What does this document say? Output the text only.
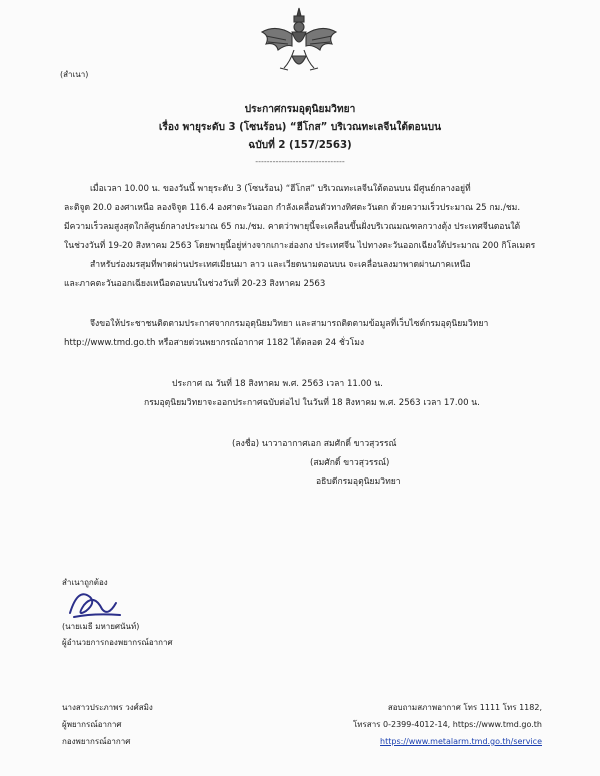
(สำเนา)
ประกาศกรมอุตุนิยมวิทยา
เรื่อง พายุระดับ 3 (โซนร้อน) “ฮีโกส” บริเวณทะเลจีนใต้ตอนบน
ฉบับที่ 2 (157/2563)
-------------------------------
เมื่อเวลา 10.00 น. ของวันนี้ พายุระดับ 3 (โซนร้อน) “ฮีโกส” บริเวณทะเลจีนใต้ตอนบน มีศูนย์กลางอยู่ที่
ละติจูด 20.0 องศาเหนือ ลองจิจูด 116.4 องศาตะวันออก กำลังเคลื่อนตัวทางทิศตะวันตก ด้วยความเร็วประมาณ 25 กม./ชม.
มีความเร็วลมสูงสุดใกล้ศูนย์กลางประมาณ 65 กม./ชม. คาดว่าพายุนี้จะเคลื่อนขึ้นฝั่งบริเวณมณฑลกวางตุ้ง ประเทศจีนตอนใต้
ในช่วงวันที่ 19-20 สิงหาคม 2563 โดยพายุนี้อยู่ห่างจากเกาะฮ่องกง ประเทศจีน ไปทางตะวันออกเฉียงใต้ประมาณ 200 กิโลเมตร
สำหรับร่องมรสุมที่พาดผ่านประเทศเมียนมา ลาว และเวียดนามตอนบน จะเคลื่อนลงมาพาดผ่านภาคเหนือ
และภาคตะวันออกเฉียงเหนือตอนบนในช่วงวันที่ 20-23 สิงหาคม 2563
จึงขอให้ประชาชนติดตามประกาศจากกรมอุตุนิยมวิทยา และสามารถติดตามข้อมูลที่เว็บไซต์กรมอุตุนิยมวิทยา
http://www.tmd.go.th หรือสายด่วนพยากรณ์อากาศ 1182 ได้ตลอด 24 ชั่วโมง
ประกาศ ณ วันที่ 18 สิงหาคม พ.ศ. 2563 เวลา 11.00 น.
กรมอุตุนิยมวิทยาจะออกประกาศฉบับต่อไป ในวันที่ 18 สิงหาคม พ.ศ. 2563 เวลา 17.00 น.
(ลงชื่อ) นาวาอากาศเอก สมศักดิ์ ขาวสุวรรณ์
(สมศักดิ์ ขาวสุวรรณ์)
อธิบดีกรมอุตุนิยมวิทยา
สำเนาถูกต้อง
(นายเมธี มหายศนันท์)
ผู้อำนวยการกองพยากรณ์อากาศ
นางสาวประภาพร วงศ์สมิง
ผู้พยากรณ์อากาศ
กองพยากรณ์อากาศ
สอบถามสภาพอากาศ โทร 1111 โทร 1182,
โทรสาร 0-2399-4012-14, https://www.tmd.go.th
https://www.metalarm.tmd.go.th/service
